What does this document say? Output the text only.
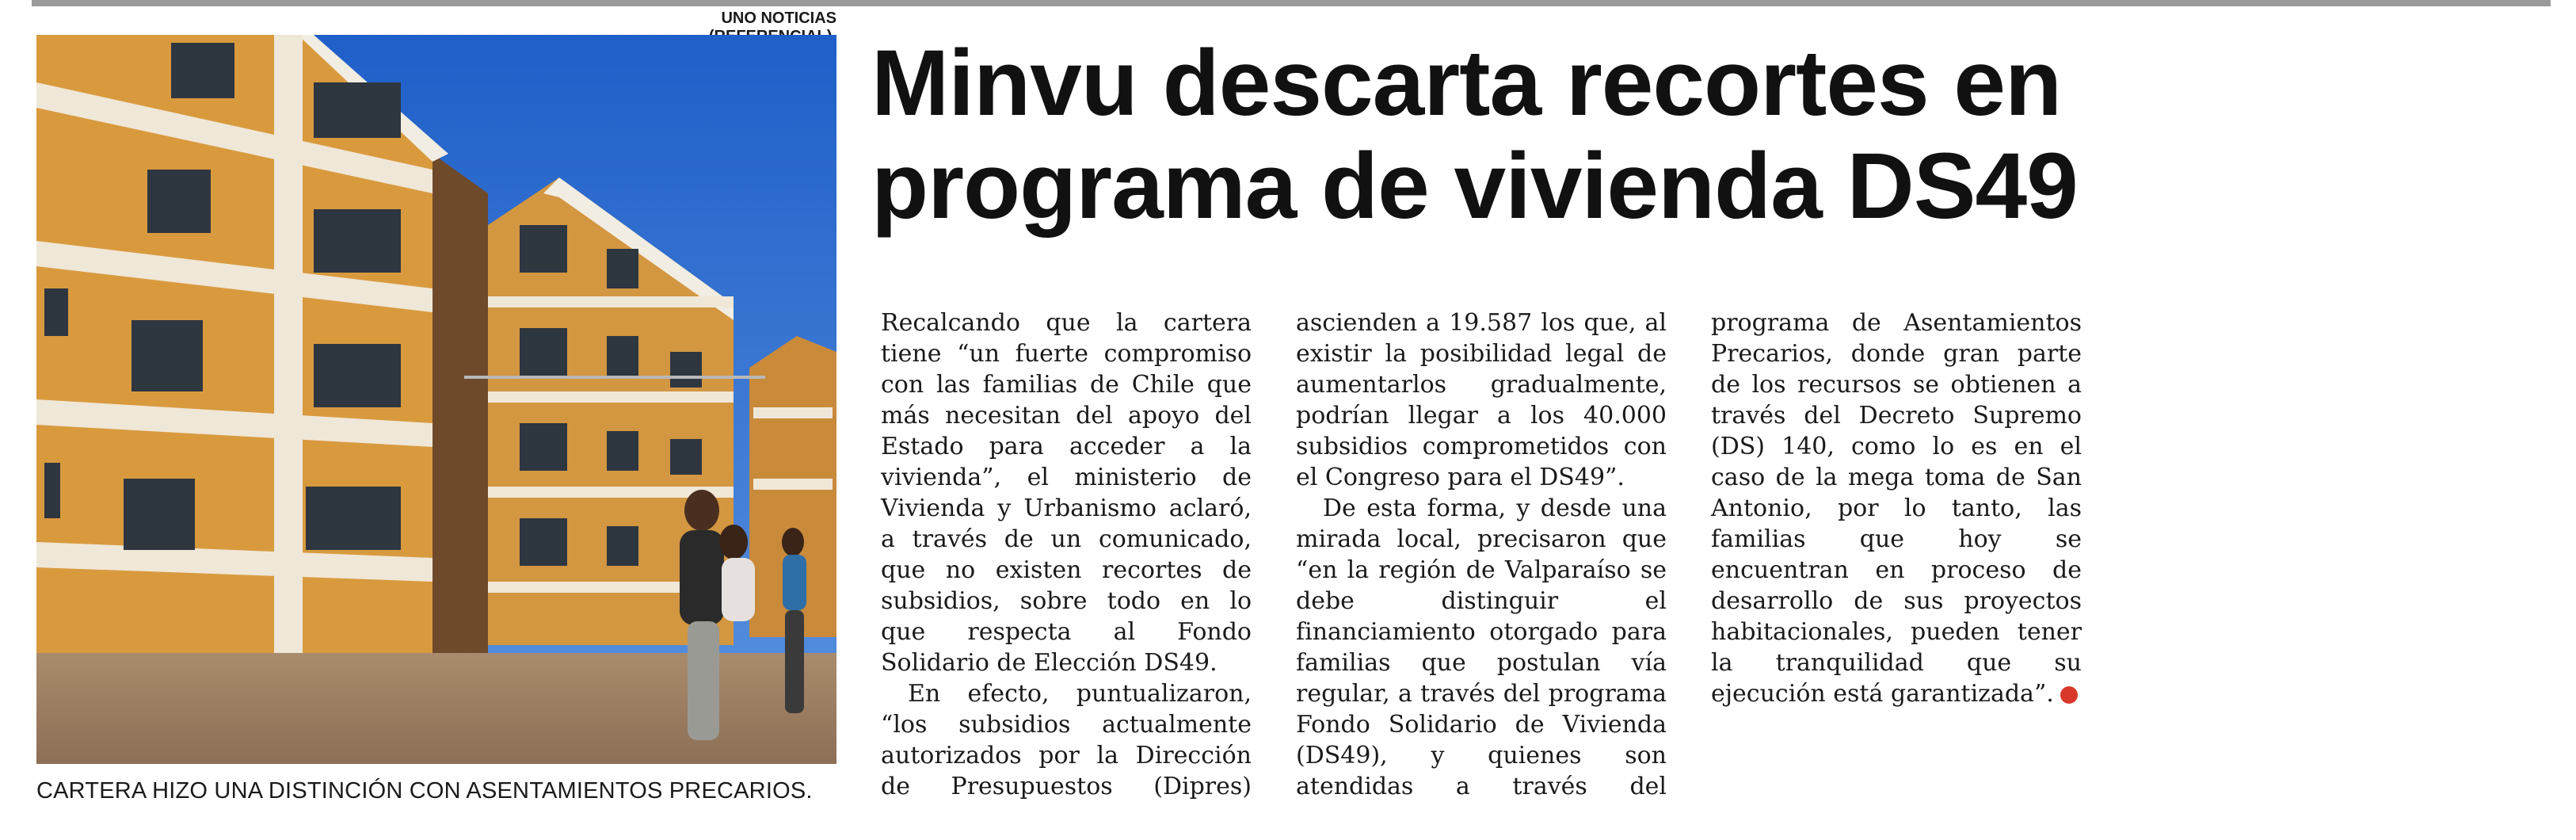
UNO NOTICIAS
CARTERA HIZO UNA DISTINCIÓN CON ASENTAMIENTOS PRECARIOS.
Minvu descarta recortes en
programa de vivienda DS49

Recalcando que la cartera tiene “un fuerte compromiso con las familias de Chile que más necesitan del apoyo del Estado para acceder a la vivienda”, el ministerio de Vivienda y Urbanismo aclaró, a través de un comunicado, que no existen recortes de subsidios, sobre todo en lo que respecta al Fondo Solidario de Elección DS49.

En efecto, puntualizaron, “los subsidios actualmente autorizados por la Dirección de Presupuestos (Dipres) ascienden a 19.587 los que, al existir la posibilidad legal de aumentarlos gradualmente, podrían llegar a los 40.000 subsidios comprometidos con el Congreso para el DS49”.

De esta forma, y desde una mirada local, precisaron que “en la región de Valparaíso se debe distinguir el financiamiento otorgado para familias que postulan vía regular, a través del programa Fondo Solidario de Vivienda (DS49), y quienes son atendidas a través del programa de Asentamientos Precarios, donde gran parte de los recursos se obtienen a través del Decreto Supremo (DS) 140, como lo es en el caso de la mega toma de San Antonio, por lo tanto, las familias que hoy se encuentran en proceso de desarrollo de sus proyectos habitacionales, pueden tener la tranquilidad que su ejecución está garantizada”.	✪
